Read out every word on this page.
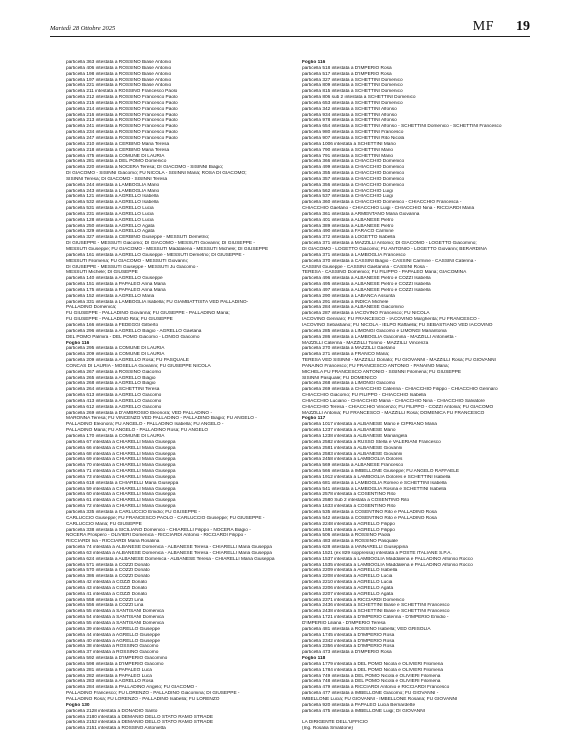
Martedì 28 Ottobre 2025	MF 19
particella 363 intestata a ROSSINO Biase Antonio
particella 406 intestata a ROSSINO Biase Antonio
particella 198 intestata a ROSSINO Biase Antonio
particella 197 intestata a ROSSINO Biase Antonio
particella 221 intestata a ROSSINO Biase Antonio
particella 211 intestata a ROSSINO Francesco Paolo
particella 212 intestata a ROSSINO Francesco Paolo
particella 215 intestata a ROSSINO Francesco Paolo
particella 214 intestata a ROSSINO Francesco Paolo
particella 216 intestata a ROSSINO Francesco Paolo
particella 213 intestata a ROSSINO Francesco Paolo
particella 241 intestata a ROSSINO Francesco Paolo
particella 234 intestata a ROSSINO Francesco Paolo
particella 247 intestata a ROSSINO Francesco Paolo
particella 210 intestata a CERBINO Maria Teresa
particella 218 intestata a CERBINO Maria Teresa
particella 475 intestata a COMUNE DI LAURIA
particella 281 intestata a DEL POMO Domenico
particella 220 intestata a NOCERA Teresa; DI GIACOMO - SISINNI Biagio;
DI GIACOMO - SISINNI Giacomo; FU NICOLA - SISINNI Maria; ROSA DI GIACOMO;
SISINNI Teresa; DI GIACOMO - SISINNI Teresa
particella 244 intestata a LAMBOGLIA Mario
particella 243 intestata a LAMBOGLIA Mario
particella 121 intestata a AGRELLO Isabella
particella 532 intestata a AGRELLO Isabella
particella 531 intestata a AGRELLO Lucia
particella 231 intestata a AGRELLO Lucia
particella 128 intestata a AGRELLO Lucia
particella 250 intestata a AGRELLO Agata
particella 329 intestata a AGRELLO Agata
particella 327 intestata a CERBINO Giuseppe - MESSUTI Demetrio;
DI GIUSEPPE - MESSUTI Giacomo; DI GIACOMO - MESSUTI Giovanni; DI GIUSEPPE -
MESSUTI Giuseppe; FU GIACOMO - MESSUTI Maddalena - MESSUTI Michele; DI GIUSEPPE
particella 161 intestata a AGRELLO Giuseppe - MESSUTI Demetrio; DI GIUSEPPE -
MESSUTI Filomena; FU GIACOMO - MESSUTI Giovanni;
DI GIUSEPPE - MESSUTI Giuseppe - MESSUTI Ju Giacomo -
MESSUTI Michele; DI GIUSEPPE
particella 140 intestata a AGRELLO Giuseppe
particella 151 intestata a PAPALEO Anna Maria
particella 175 intestata a PAPALEO Anna Maria
particella 152 intestata a AGRELLO Maria
particella 331 intestata a LAMBOGLIA Isabella; FU GIAMBATTISTA VED PALLADINO-
PALLADINO Domenica;
FU GIUSEPPE - PALLADINO Giovanna; FU GIUSEPPE - PALLADINO Maria;
FU GIUSEPPE - PALLADINO Rita; FU GIUSEPPE
particella 166 intestata a FEDEGGI Gilberto
particella 296 intestata a AGRELLO Biagio - AGRELLO Gaetana
DEL POMO Palmira - DEL POMO Giacomo - LONGO Giacomo
Foglio 116
particella 295 intestata a COMUNE DI LAURIA
particella 209 intestata a COMUNE DI LAURIA
particella 209 intestata a AGRELLO Rosa; FU PASQUALE
CONCAS DI LAURIA - MOSELLA Giovanni; FU GIUSEPPE NICOLA
particella 267 intestata a ROSSINO Giacomo
particella 265 intestata a AGRELLO Biagio
particella 268 intestata a AGRELLO Biagio
particella 264 intestata a SCHETTINI Teresa
particella 613 intestata a AGRELLO Giacomo
particella 413 intestata a AGRELLO Giacomo
particella 612 intestata a AGRELLO Giacomo
particella 269 intestata a D'AMBROSIO Eleonora; VED PALLADINO -
MARONNA Teresa; FU VINCENZO VED PALLADINO - PALLADINO Biagio; FU ANGELO -
PALLADINO Eleonora; FU ANGELO - PALLADINO Isabella; FU ANGELO -
PALLADINO Maria; FU ANGELO - PALLADINO Rosa; FU ANGELO
particella 170 intestata a COMUNE DI LAURIA
particella 67 intestata a CHIARELLI Maria Giuseppa
particella 66 intestata a CHIARELLI Maria Giuseppa
particella 68 intestata a CHIARELLI Maria Giuseppa
particella 69 intestata a CHIARELLI Maria Giuseppa
particella 70 intestata a CHIARELLI Maria Giuseppa
particella 71 intestata a CHIARELLI Maria Giuseppa
particella 73 intestata a CHIARELLI Maria Giuseppa
particella 618 intestata a CHIARELLI Maria Giuseppa
particella 59 intestata a CHIARELLI Maria Giuseppa
particella 60 intestata a CHIARELLI Maria Giuseppa
particella 61 intestata a CHIARELLI Maria Giuseppa
particella 72 intestata a CHIARELLI Maria Giuseppa
particella 335 intestata a CARLUCCIO Emidio; FU GIUSEPPE -
CARLUCCIO Giuseppe; FU FRANCESCO PAOLO - CARLUCCIO Giuseppe; FU GIUSEPPE -
CARLUCCIO Maria; FU GIUSEPPE
particella 338 intestata a SICILIANO Domenico - CHIARELLI Filippo - NOCERA Biagio -
NOCERA Prospero - OLIVIERI Domenica - RICCIARDI Antonio - RICCIARDI Filippo -
RICCIARDI Iva - RICCIARDI Maria Rosalina
particella 74 intestata a ALBANESE Domenica - ALBANESE Teresa - CHIARELLI Maria Giuseppa
particella 63 intestata a ALBANESE Domenica - ALBANESE Teresa - CHIARELLI Maria Giuseppa
particella 624 intestata a ALBANESE Domenica - ALBANESE Teresa - CHIARELLI Maria Giuseppa
particella 571 intestata a COZZI Donato
particella 570 intestata a COZZI Donato
particella 386 intestata a COZZI Donato
particella 42 intestata a COZZI Donato
particella 43 intestata a COZZI Donato
particella 41 intestata a COZZI Donato
particella 558 intestata a COZZI Lina
particella 556 intestata a COZZI Lina
particella 55 intestata a SANTISANI Domenica
particella 54 intestata a SANTISANI Domenica
particella 55 intestata a SANTISANI Domenica
particella 39 intestata a AGRELLO Giuseppe
particella 44 intestata a AGRELLO Giuseppe
particella 40 intestata a AGRELLO Giuseppe
particella 38 intestata a ROSSINO Giacomo
particella 37 intestata a ROSSINO Giacomo
particella 592 intestata a D'IMPERIO Giacomino
particella 598 intestata a D'IMPERIO Giacomo
particella 281 intestata a PAPALEO Luca
particella 282 intestata a PAPALEO Luca
particella 283 intestata a AGRELLO Rosa
particella 284 intestata a PALLADINO Angelo; FU GIACOMO -
PALLADINO Francesco; FU LORENZO - PALLADINO Giacomina; DI GIUSEPPE -
PALLADINO Rosa; FU LORENZO - PALLADINO Isabella; FU LORENZO
Foglio 130
particella 2128 intestata a DONADIO Santo
particella 2180 intestata a DEMANIO DELLO STATO RAMO STRADE
particella 2152 intestata a DEMANIO DELLO STATO RAMO STRADE
particella 2151 intestata a ROSSINO Antonietta
Foglio 116
particella 518 intestata a D'IMPERIO Rosa
particella 517 intestata a D'IMPERIO Rosa
particella 327 intestata a SCHETTINI Domenico
particella 809 intestata a SCHETTINI Domenico
particella 815 intestata a SCHETTINI Domenico
particella 806 sub 2 intestata a SCHETTINI Domenico
particella 653 intestata a SCHETTINI Domenico
particella 342 intestata a SCHETTINI Alfonso
particella 934 intestata a SCHETTINI Alfonso
particella 978 intestata a SCHETTINI Alfonso
particella 654 intestata a SCHETTINI Alfonso - SCHETTINI Domenico - SCHETTINI Francesco
particella 980 intestata a SCHETTINI Francesco
particella 907 intestata a SCHETTINI Rito Nicola
particella 1006 intestata a SCHETTINI Mario
particella 790 intestata a SCHETTINI Mario
particella 791 intestata a SCHETTINI Mario
particella 366 intestata a CHIACCHIO Domenico
particella 499 intestata a CHIACCHIO Domenico
particella 355 intestata a CHIACCHIO Domenico
particella 357 intestata a CHIACCHIO Domenico
particella 356 intestata a CHIACCHIO Domenico
particella 562 intestata a CHIACCHIO Luigi
particella 537 intestata a CHIACCHIO Luigi
particella 360 intestata a CHIACCHIO Domenico - CHIACCHIO Francesca -
CHIACCHIO Gaetano - CHIACCHIO Luigi - CHIACCHIO Nina - RICCIARDI Maria
particella 361 intestata a ARMENTANO Maria Giovanna
particella 401 intestata a ALBANESE Pietro
particella 389 intestata a ALBANESE Pietro
particella 490 intestata a FARACO Carmine
particella 372 intestata a LOGETTO Isabella
particella 371 intestata a MAZZILLI Antonio; DI GIACOMO - LOGETTO Giacomino;
DI GIACOMO - LOGETTO Giacomo; FU ANTONIO - LOGETTO Giovanni; BERARDINA
particella 371 intestata a LAMBOGLIA Francesco
particella 370 intestata a CASSINI Biagio - CASSINI Carmine - CASSINI Caterina -
CASSINI Giuseppe - CASSINI Gaetanina - CASSINI Rosa -
TERESA - CASSINO Domenico; FU FILIPPO - PAPALEO Maria; GIACOMINA
particella 496 intestata a ALBANESE Pietro e COZZI Isabella
particella 495 intestata a ALBANESE Pietro e COZZI Isabella
particella 497 intestata a ALBANESE Pietro e COZZI Isabella
particella 290 intestata a LABANCA Assunta
particella 291 intestata a INDICA Michele
particella 284 intestata a ALBANESE Giacomino
particella 287 intestata a IACOVINO Francesco; FU NICOLA
IACOVINO Gennaro; FU FRANCESCO - IACOVINO Margherita; FU FRANCESCO -
IACOVINO Sebastiano; FU NICOLA - IELPO Raffaella; FU SEBASTIANO VED IACOVINO
particella 285 intestata a LIMONGI Giacomo e LIMONGI Mariantonia
particella 286 intestata a LAMBOGLIA Giacomina - MAZZILLI Antonietta -
MAZZILLI Caterina - MAZZILLI Tonino - MAZZILLI Vincenza
particella 270 intestata a MAZZILLI Gaetano
particella 271 intestata a FRANCO Maria;
TERESA VED SISINNI - MAZZILLI Donato; FU GIOVANNI - MAZZILLI Rosa; FU GIOVANNI
PANAINO Francesco; FU FRANCESCO ANTONIO - PANAINO Maria;
MICHELA FU FRANCESCO ANTONIO - SISINNI Filomena; FU GIUSEPPE
SISINNI Pasquale; FU DOMENICO
particella 268 intestata a LIMONGI Giacomo
particella 269 intestata a CHIACCHIO Caterina - CHIACCHIO Filippo - CHIACCHIO Gennaro
CHIACCHIO Giacomo; FU FILIPPO - CHIACCHIO Isabella
CHIACCHIO Luciano - CHIACCHIO Maria - CHIACCHIO Nina - CHIACCHIO Salvatore
CHIACCHIO Teresa - CHIACCHIO Vincenzo; FU FILIPPO - COZZI Antonia; FU GIACOMO
MAZZILLI Antonia; FU FRANCESCO - MAZZILLI Rosa; DOMENICA FU FRANCESCO
Foglio 117
particella 1017 intestata a ALBANESE Mario e CIPRIANO Maria
particella 1237 intestata a ALBANESE Mario
particella 1238 intestata a ALBANESE Mariangela
particella 2582 intestata a RUSSO Stella e VALERIANI Francesco
particella 2581 intestata a ALBANESE Giovanni
particella 2583 intestata a ALBANESE Giovanni
particella 2458 intestata a LAMBOGLIA Dolores
particella 569 intestata a ALBANESE Francesco
particella 566 intestata a IMBELLONE Giuseppe; FU ANGELO RAFFAELE
particella 1912 intestata a LAMBOGLIA Dolores e SCHETTINI Isabella
particella 681 intestata a LAMBOGLIA Romeo e SCHETTINI Isabella
particella 541 intestata a LAMBOGLIA Rosina e SCHETTINI Isabella
particella 2578 intestata a COSENTINO Rito
particella 2580 Sub 2 intestata a COSENTINO Rito
particella 1633 intestata a COSENTINO Rito
particella 535 intestata a COSENTINO Rito e PALLADINO Rosa
particella 542 intestata a COSENTINO Rito e PALLADINO Rosa
particella 2248 intestata a AGRELLO Filippo
particella 1591 intestata a AGRELLO Filippo
particella 506 intestata a ROSSINO Paola
particella 483 intestata a ROSSINO Pasquale
particella 628 intestata a IANNARELLI Giuseppina
particella 1521 (ex 829 soppressa) intestata a POSTE ITALIANE S.P.A.
particella 1537 intestata a LAMBOGLIA Maddalena e PALLADINO Alfonso Rocco
particella 1535 intestata a LAMBOGLIA Maddalena e PALLADINO Alfonso Rocco
particella 2209 intestata a AGRELLO Isabella
particella 2208 intestata a AGRELLO Lucia
particella 2210 intestata a AGRELLO Lucia
particella 2206 intestata a AGRELLO Agata
particella 2207 intestata a AGRELLO Agata
particella 2371 intestata a RICCIARDI Domenico
particella 2436 intestata a SCHETTINI Biase e SCHETTINI Francesco
particella 2438 intestata a SCHETTINI Biase e SCHETTINI Francesco
particella 1721 intestata a D'IMPERIO Caterina - D'IMPERIO Emidio -
D'IMPERIO Liliana - D'IMPERIO Teresa
particella 481 intestata a ROSSINO Isabella; VED GRISOLIA
particella 1745 intestata a D'IMPERIO Rosa
particella 2342 intestata a D'IMPERIO Rosa
particella 2356 intestata a D'IMPERIO Rosa
particella 473 intestata a D'IMPERIO Rosa
Foglio 118
particella 1779 intestata a DEL POMO Nicola e OLIVIERI Filomena
particella 1784 intestata a DEL POMO Nicola e OLIVIERI Filomena
particella 749 intestata a DEL POMO Nicola e OLIVIERI Filomena
particella 748 intestata a DEL POMO Nicola e OLIVIERI Filomena
particella 479 intestata a RICCIARDI Antonio e RICCIARDI Francesco
particella 477 intestata a IMBELLONE Giacomo; FU GIOVANNI -
IMBELLONE Lucia; FU GIOVANNI - IMBELLONE Rosaria; FU GIOVANNI
particella 920 intestata a PAPALEO Lucia Bernardette
particella 475 intestata a IMBELLONE Luigi; DI GIOVANNI

LA DIRIGENTE DELL'UFFICIO
(Ing. Rosalia Smaldone)
